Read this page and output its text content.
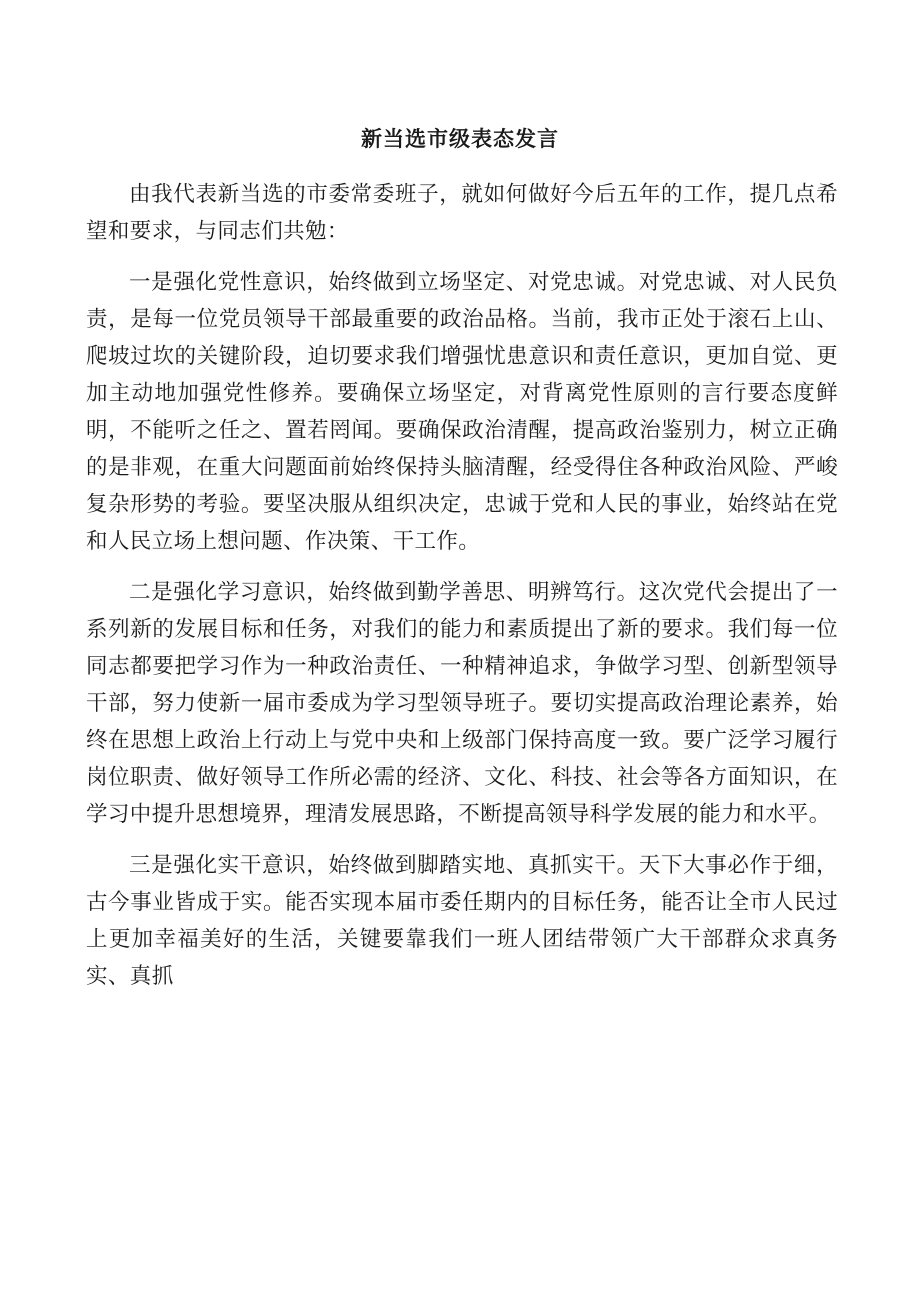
新当选市级表态发言

由我代表新当选的市委常委班子，就如何做好今后五年的工作，提几点希望和要求，与同志们共勉：

一是强化党性意识，始终做到立场坚定、对党忠诚。对党忠诚、对人民负责，是每一位党员领导干部最重要的政治品格。当前，我市正处于滚石上山、爬坡过坎的关键阶段，迫切要求我们增强忧患意识和责任意识，更加自觉、更加主动地加强党性修养。要确保立场坚定，对背离党性原则的言行要态度鲜明，不能听之任之、置若罔闻。要确保政治清醒，提高政治鉴别力，树立正确的是非观，在重大问题面前始终保持头脑清醒，经受得住各种政治风险、严峻复杂形势的考验。要坚决服从组织决定，忠诚于党和人民的事业，始终站在党和人民立场上想问题、作决策、干工作。

二是强化学习意识，始终做到勤学善思、明辨笃行。这次党代会提出了一系列新的发展目标和任务，对我们的能力和素质提出了新的要求。我们每一位同志都要把学习作为一种政治责任、一种精神追求，争做学习型、创新型领导干部，努力使新一届市委成为学习型领导班子。要切实提高政治理论素养，始终在思想上政治上行动上与党中央和上级部门保持高度一致。要广泛学习履行岗位职责、做好领导工作所必需的经济、文化、科技、社会等各方面知识，在学习中提升思想境界，理清发展思路，不断提高领导科学发展的能力和水平。

三是强化实干意识，始终做到脚踏实地、真抓实干。天下大事必作于细，古今事业皆成于实。能否实现本届市委任期内的目标任务，能否让全市人民过上更加幸福美好的生活，关键要靠我们一班人团结带领广大干部群众求真务实、真抓
